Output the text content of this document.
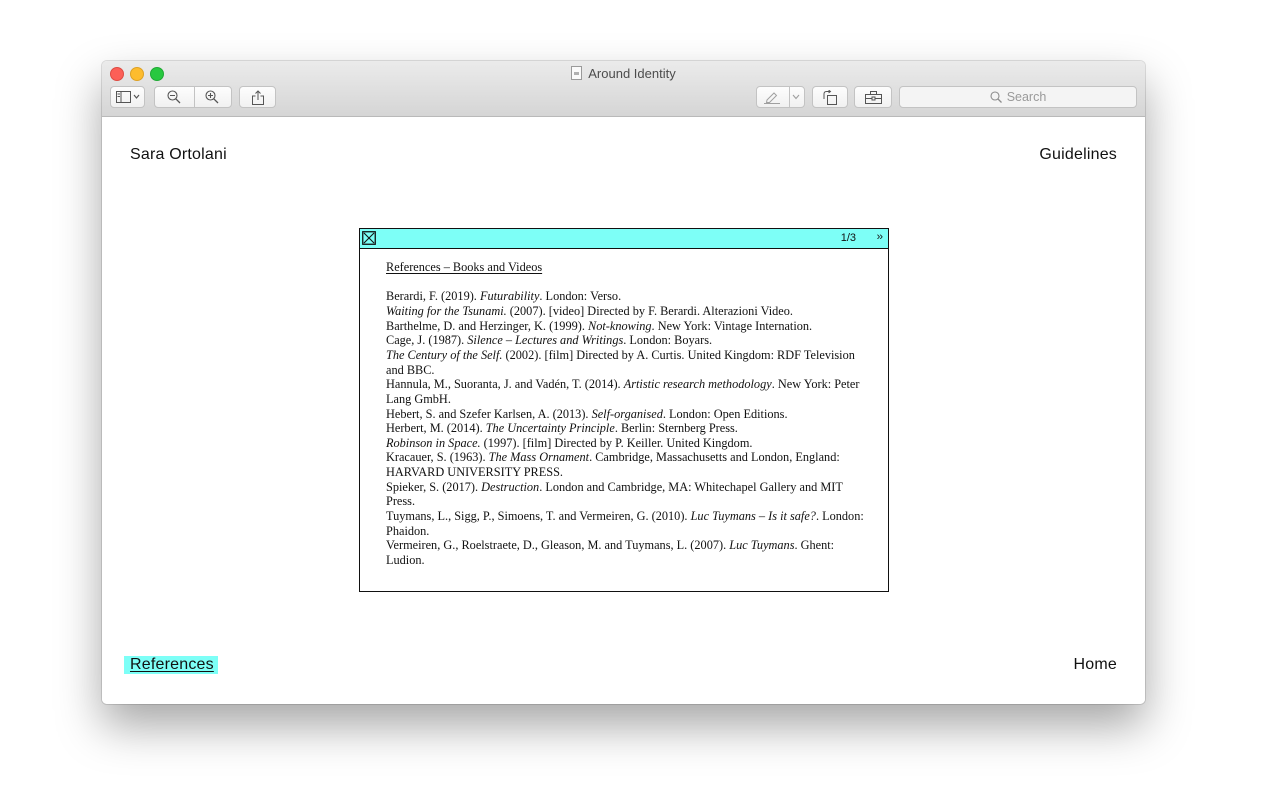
Around Identity
Search
Sara Ortolani	Guidelines
1/3 ››
References – Books and Videos

Berardi, F. (2019). Futurability. London: Verso.

Waiting for the Tsunami. (2007). [video] Directed by F. Berardi. Alterazioni Video.

Barthelme, D. and Herzinger, K. (1999). Not-knowing. New York: Vintage Internation.

Cage, J. (1987). Silence – Lectures and Writings. London: Boyars.

The Century of the Self. (2002). [film] Directed by A. Curtis. United Kingdom: RDF Television and BBC.

Hannula, M., Suoranta, J. and Vadén, T. (2014). Artistic research methodology. New York: Peter Lang GmbH.

Hebert, S. and Szefer Karlsen, A. (2013). Self-organised. London: Open Editions.

Herbert, M. (2014). The Uncertainty Principle. Berlin: Sternberg Press.

Robinson in Space. (1997). [film] Directed by P. Keiller. United Kingdom.

Kracauer, S. (1963). The Mass Ornament. Cambridge, Massachusetts and London, England: HARVARD UNIVERSITY PRESS.

Spieker, S. (2017). Destruction. London and Cambridge, MA: Whitechapel Gallery and MIT Press.

Tuymans, L., Sigg, P., Simoens, T. and Vermeiren, G. (2010). Luc Tuymans – Is it safe?. London: Phaidon.

Vermeiren, G., Roelstraete, D., Gleason, M. and Tuymans, L. (2007). Luc Tuymans. Ghent: Ludion.

References	Home
